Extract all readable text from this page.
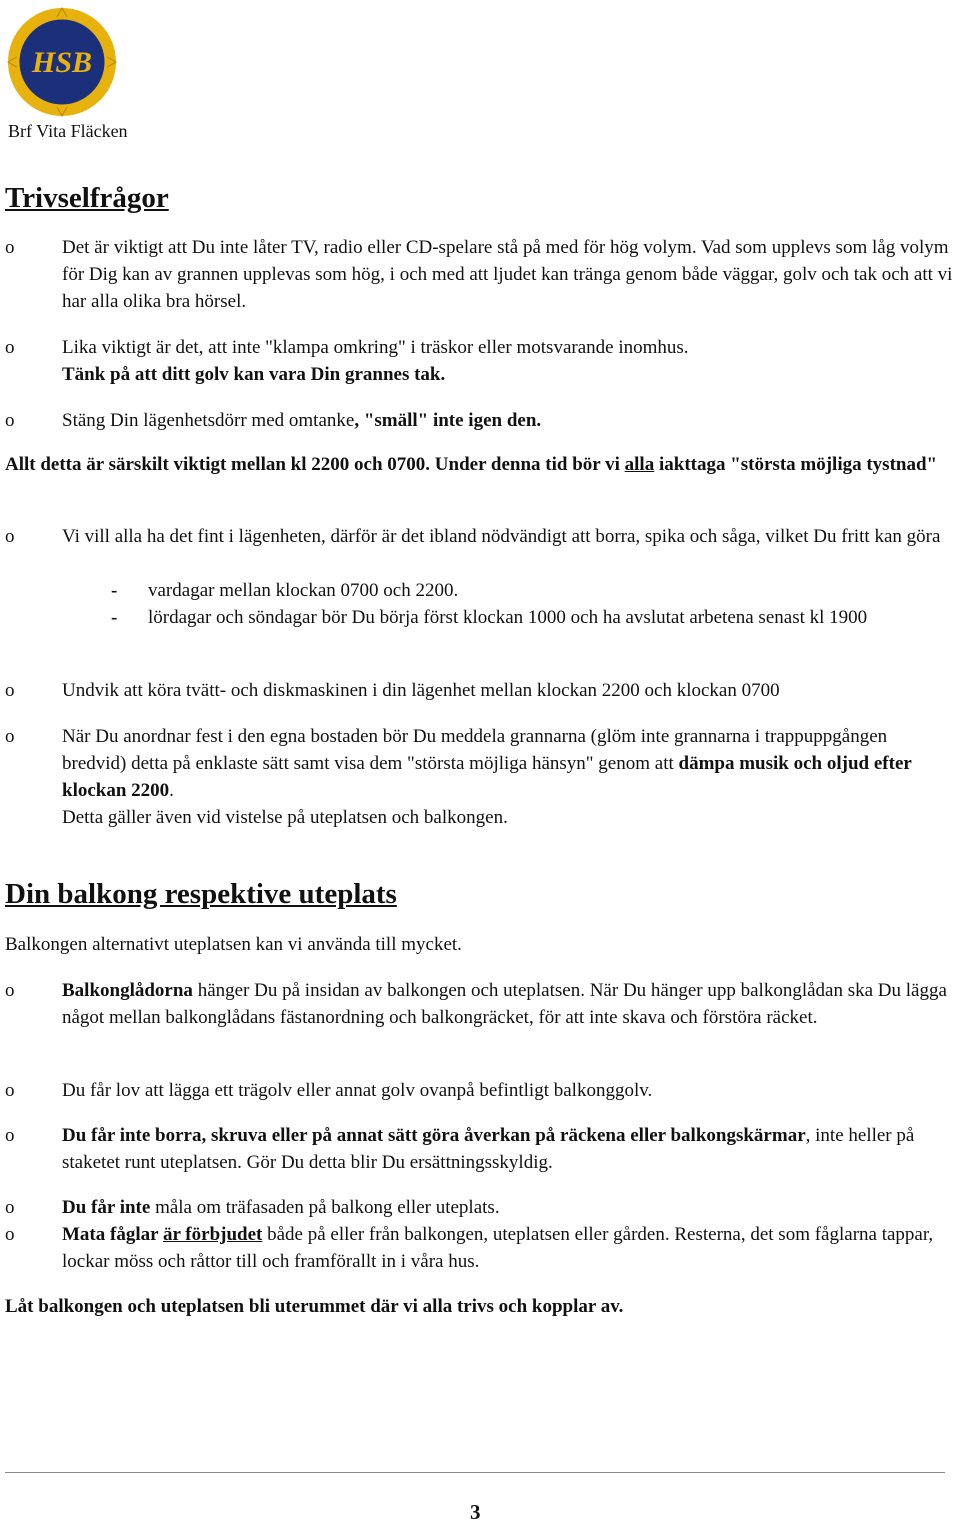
HSB
Brf Vita Fläcken
Trivselfrågor
o	Det är viktigt att Du inte låter TV, radio eller CD-spelare stå på med för hög volym. Vad som upplevs som låg volym för Dig kan av grannen upplevas som hög, i och med att ljudet kan tränga genom både väggar, golv och tak och att vi har alla olika bra hörsel.
o	Lika viktigt är det, att inte "klampa omkring" i träskor eller motsvarande inomhus.
Tänk på att ditt golv kan vara Din grannes tak.
o	Stäng Din lägenhetsdörr med omtanke, "smäll" inte igen den.
Allt detta är särskilt viktigt mellan kl 2200 och 0700. Under denna tid bör vi alla iakttaga "största möjliga tystnad"
o	Vi vill alla ha det fint i lägenheten, därför är det ibland nödvändigt att borra, spika och såga, vilket Du fritt kan göra
- vardagar mellan klockan 0700 och 2200.
- lördagar och söndagar bör Du börja först klockan 1000 och ha avslutat arbetena senast kl 1900
o	Undvik att köra tvätt- och diskmaskinen i din lägenhet mellan klockan 2200 och klockan 0700
o	När Du anordnar fest i den egna bostaden bör Du meddela grannarna (glöm inte grannarna i trappuppgången bredvid) detta på enklaste sätt samt visa dem "största möjliga hänsyn" genom att dämpa musik och oljud efter klockan 2200.
Detta gäller även vid vistelse på uteplatsen och balkongen.
Din balkong respektive uteplats
Balkongen alternativt uteplatsen kan vi använda till mycket.
o	Balkonglådorna hänger Du på insidan av balkongen och uteplatsen. När Du hänger upp balkonglådan ska Du lägga något mellan balkonglådans fästanordning och balkongräcket, för att inte skava och förstöra räcket.
o	Du får lov att lägga ett trägolv eller annat golv ovanpå befintligt balkonggolv.
o	Du får inte borra, skruva eller på annat sätt göra åverkan på räckena eller balkongskärmar, inte heller på staketet runt uteplatsen. Gör Du detta blir Du ersättningsskyldig.
o	Du får inte måla om träfasaden på balkong eller uteplats.
o	Mata fåglar är förbjudet både på eller från balkongen, uteplatsen eller gården. Resterna, det som fåglarna tappar, lockar möss och råttor till och framförallt in i våra hus.
Låt balkongen och uteplatsen bli uterummet där vi alla trivs och kopplar av.
3
